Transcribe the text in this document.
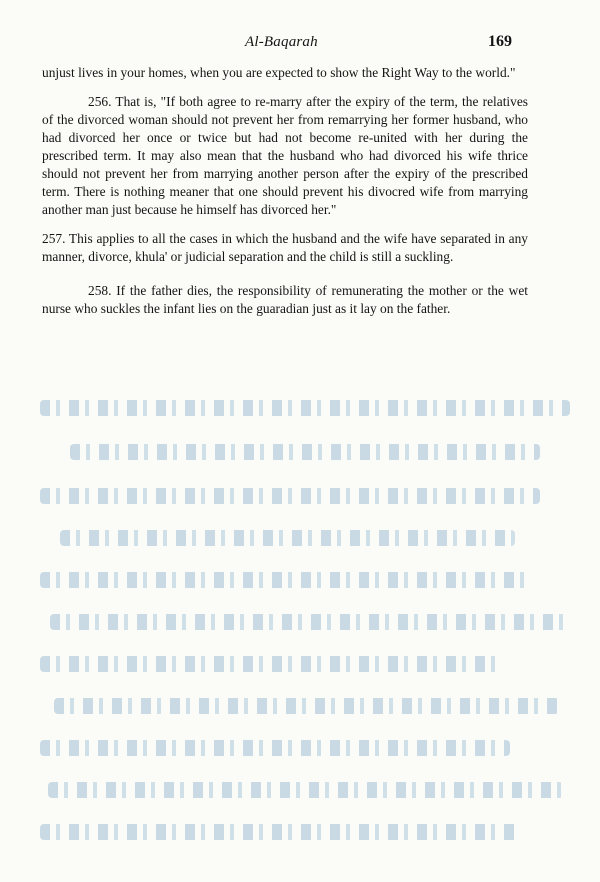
Al-Baqarah	169

unjust lives in your homes, when you are expected to show the Right Way to the world."

256. That is, "If both agree to re-marry after the expiry of the term, the relatives of the divorced woman should not prevent her from remarrying her former husband, who had divorced her once or twice but had not become re-united with her during the prescribed term. It may also mean that the husband who had divorced his wife thrice should not prevent her from marrying another person after the expiry of the prescribed term. There is nothing meaner that one should prevent his divocred wife from marrying another man just because he himself has divorced her."

257. This applies to all the cases in which the husband and the wife have separated in any manner, divorce, khula' or judicial separation and the child is still a suckling.

258. If the father dies, the responsibility of remunerating the mother or the wet nurse who suckles the infant lies on the guaradian just as it lay on the father.
